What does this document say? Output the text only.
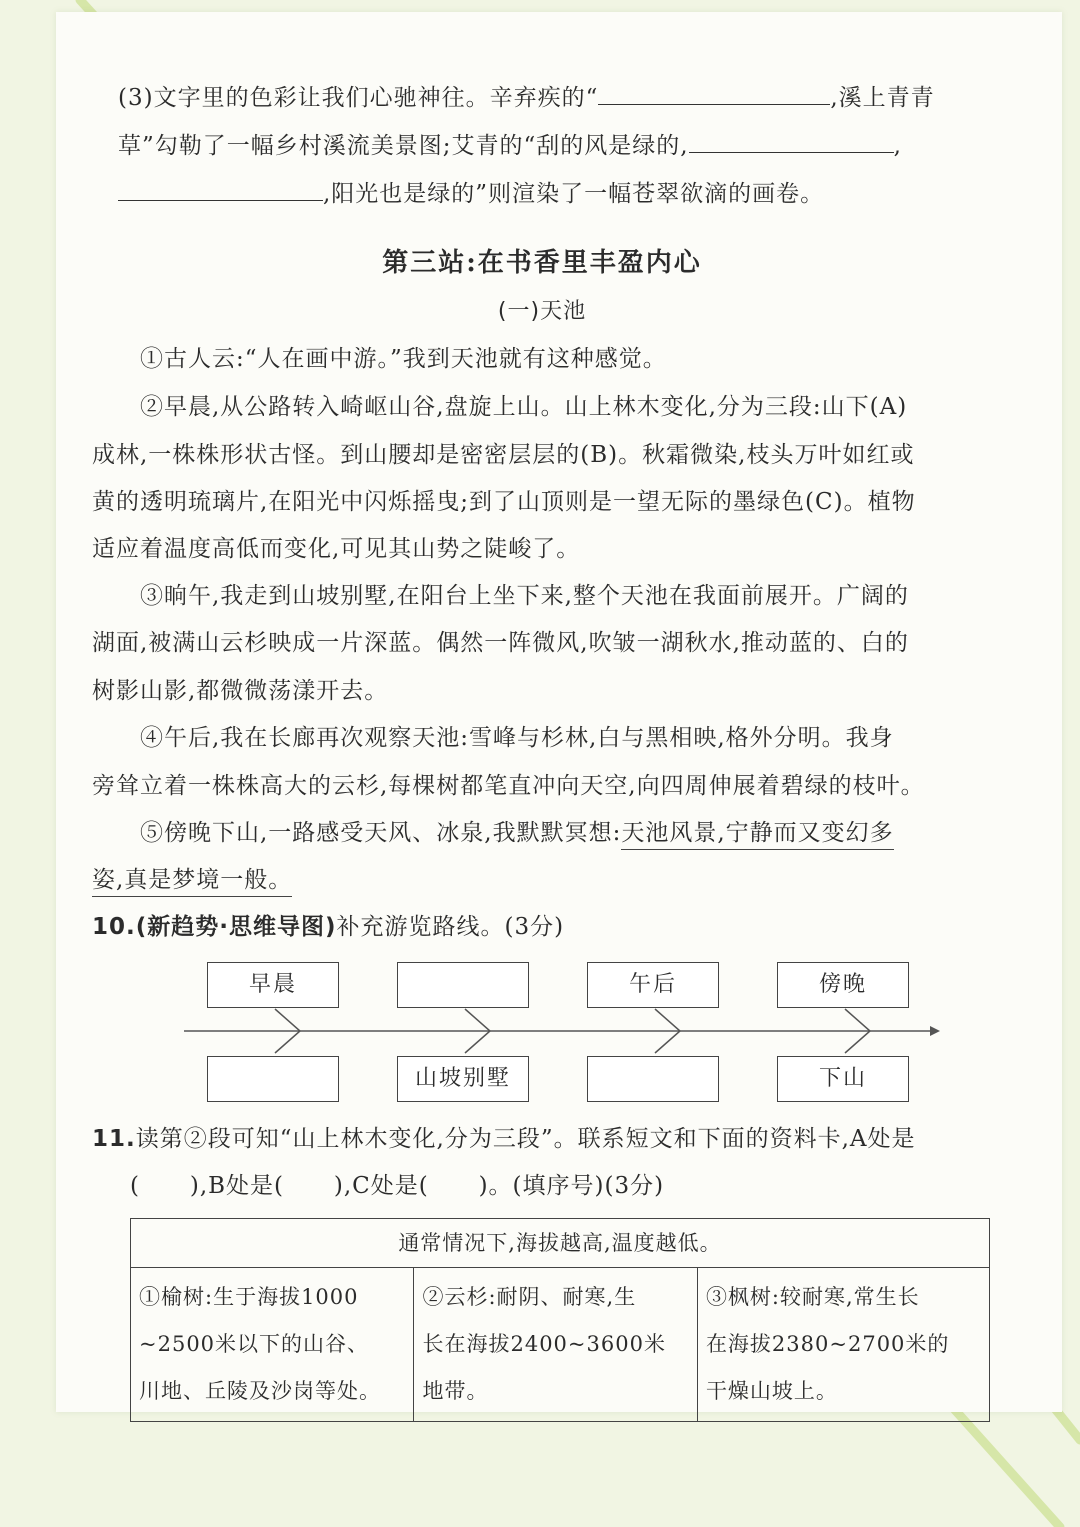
(3)文字里的色彩让我们心驰神往。辛弃疾的“	,溪上青青
草”勾勒了一幅乡村溪流美景图;艾青的“刮的风是绿的,	,
,阳光也是绿的”则渲染了一幅苍翠欲滴的画卷。
第三站:在书香里丰盈内心
(一)天池
①古人云:“人在画中游。”我到天池就有这种感觉。
②早晨,从公路转入崎岖山谷,盘旋上山。山上林木变化,分为三段:山下(A)
成林,一株株形状古怪。到山腰却是密密层层的(B)。秋霜微染,枝头万叶如红或
黄的透明琉璃片,在阳光中闪烁摇曳;到了山顶则是一望无际的墨绿色(C)。植物
适应着温度高低而变化,可见其山势之陡峻了。
③晌午,我走到山坡别墅,在阳台上坐下来,整个天池在我面前展开。广阔的
湖面,被满山云杉映成一片深蓝。偶然一阵微风,吹皱一湖秋水,推动蓝的、白的
树影山影,都微微荡漾开去。
④午后,我在长廊再次观察天池:雪峰与杉林,白与黑相映,格外分明。我身
旁耸立着一株株高大的云杉,每棵树都笔直冲向天空,向四周伸展着碧绿的枝叶。
⑤傍晚下山,一路感受天风、冰泉,我默默冥想:天池风景,宁静而又变幻多
姿,真是梦境一般。
10.(新趋势·思维导图)补充游览路线。(3分)
早晨	午后	傍晚
山坡别墅	下山
11.读第②段可知“山上林木变化,分为三段”。联系短文和下面的资料卡,A处是
(      ),B处是(      ),C处是(      )。(填序号)(3分)
通常情况下,海拔越高,温度越低。

①榆树:生于海拔1000
~2500米以下的山谷、
川地、丘陵及沙岗等处。

②云杉:耐阴、耐寒,生
长在海拔2400~3600米
地带。

③枫树:较耐寒,常生长
在海拔2380~2700米的
干燥山坡上。
